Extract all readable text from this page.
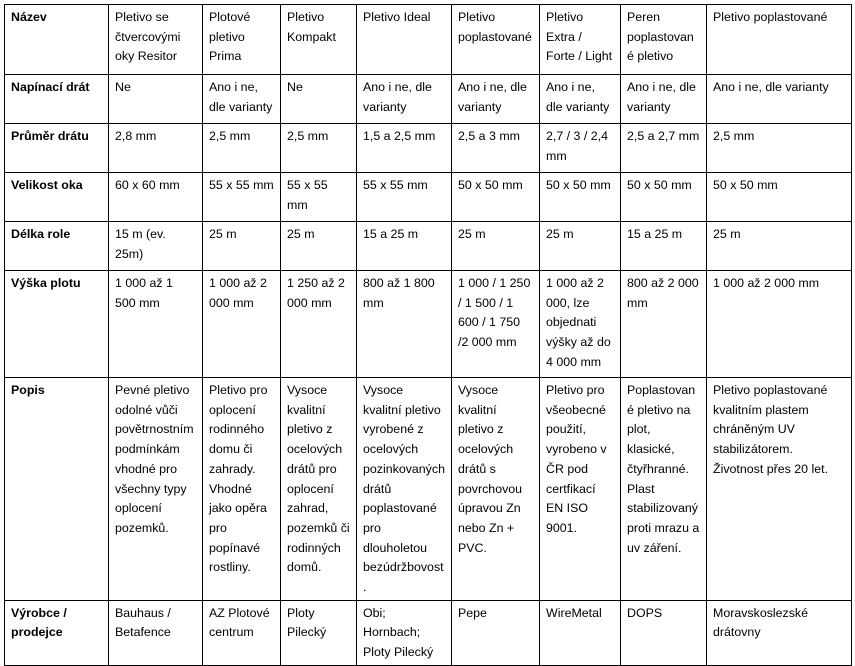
Název	Pletivo se čtvercovými oky Resitor	Plotové pletivo Prima	Pletivo Kompakt	Pletivo Ideal	Pletivo poplastované	Pletivo Extra / Forte / Light	Peren poplastované pletivo	Pletivo poplastované
Napínací drát	Ne	Ano i ne, dle varianty	Ne	Ano i ne, dle varianty	Ano i ne, dle varianty	Ano i ne, dle varianty	Ano i ne, dle varianty	Ano i ne, dle varianty
Průměr drátu	2,8 mm	2,5 mm	2,5 mm	1,5 a 2,5 mm	2,5 a 3 mm	2,7 / 3 / 2,4 mm	2,5 a 2,7 mm	2,5 mm
Velikost oka	60 x 60 mm	55 x 55 mm	55 x 55 mm	55 x 55 mm	50 x 50 mm	50 x 50 mm	50 x 50 mm	50 x 50 mm
Délka role	15 m (ev. 25m)	25 m	25 m	15 a 25 m	25 m	25 m	15 a 25 m	25 m
Výška plotu	1 000 až 1 500 mm	1 000 až 2 000 mm	1 250 až 2 000 mm	800 až 1 800 mm	1 000 / 1 250 / 1 500 / 1 600 / 1 750 /2 000 mm	1 000 až 2 000, lze objednati výšky až do 4 000 mm	800 až 2 000 mm	1 000 až 2 000 mm
Popis	Pevné pletivo odolné vůči povětrnostním podmínkám vhodné pro všechny typy oplocení pozemků.	Pletivo pro oplocení rodinného domu či zahrady. Vhodné jako opěra pro popínavé rostliny.	Vysoce kvalitní pletivo z ocelových drátů pro oplocení zahrad, pozemků či rodinných domů.	Vysoce kvalitní pletivo vyrobené z ocelových pozinkovaných drátů poplastované pro dlouholetou bezúdržbovost.	Vysoce kvalitní pletivo z ocelových drátů s povrchovou úpravou Zn nebo Zn + PVC.	Pletivo pro všeobecné použití, vyrobeno v ČR pod certfikací EN ISO 9001.	Poplastované pletivo na plot, klasické, čtyřhranné. Plast stabilizovaný proti mrazu a uv záření.	Pletivo poplastované kvalitním plastem chráněným UV stabilizátorem. Životnost přes 20 let.
Výrobce / prodejce	Bauhaus / Betafence	AZ Plotové centrum	Ploty Pilecký	Obi; Hornbach; Ploty Pilecký	Pepe	WireMetal	DOPS	Moravskoslezské drátovny
